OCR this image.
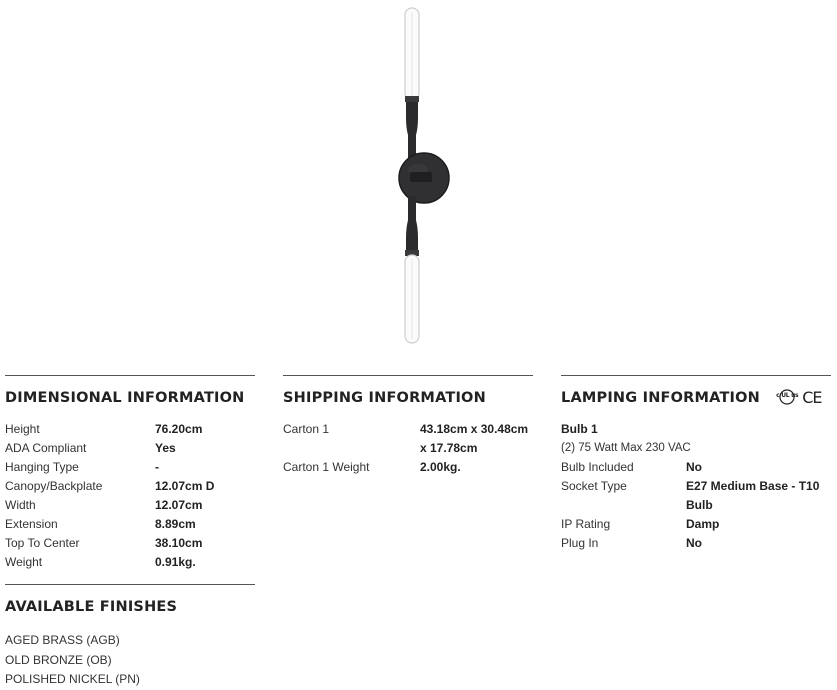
DIMENSIONAL INFORMATION
Height	76.20cm
ADA Compliant	Yes
Hanging Type	-
Canopy/Backplate	12.07cm D
Width	12.07cm
Extension	8.89cm
Top To Center	38.10cm
Weight	0.91kg.
SHIPPING INFORMATION
Carton 1	43.18cm x 30.48cm
x 17.78cm
Carton 1 Weight	2.00kg.
LAMPING INFORMATION	c UL us CE
Bulb 1
(2) 75 Watt Max 230 VAC
Bulb Included	No
Socket Type	E27 Medium Base - T10
Bulb
IP Rating	Damp
Plug In	No
AVAILABLE FINISHES
AGED BRASS (AGB)
OLD BRONZE (OB)
POLISHED NICKEL (PN)
